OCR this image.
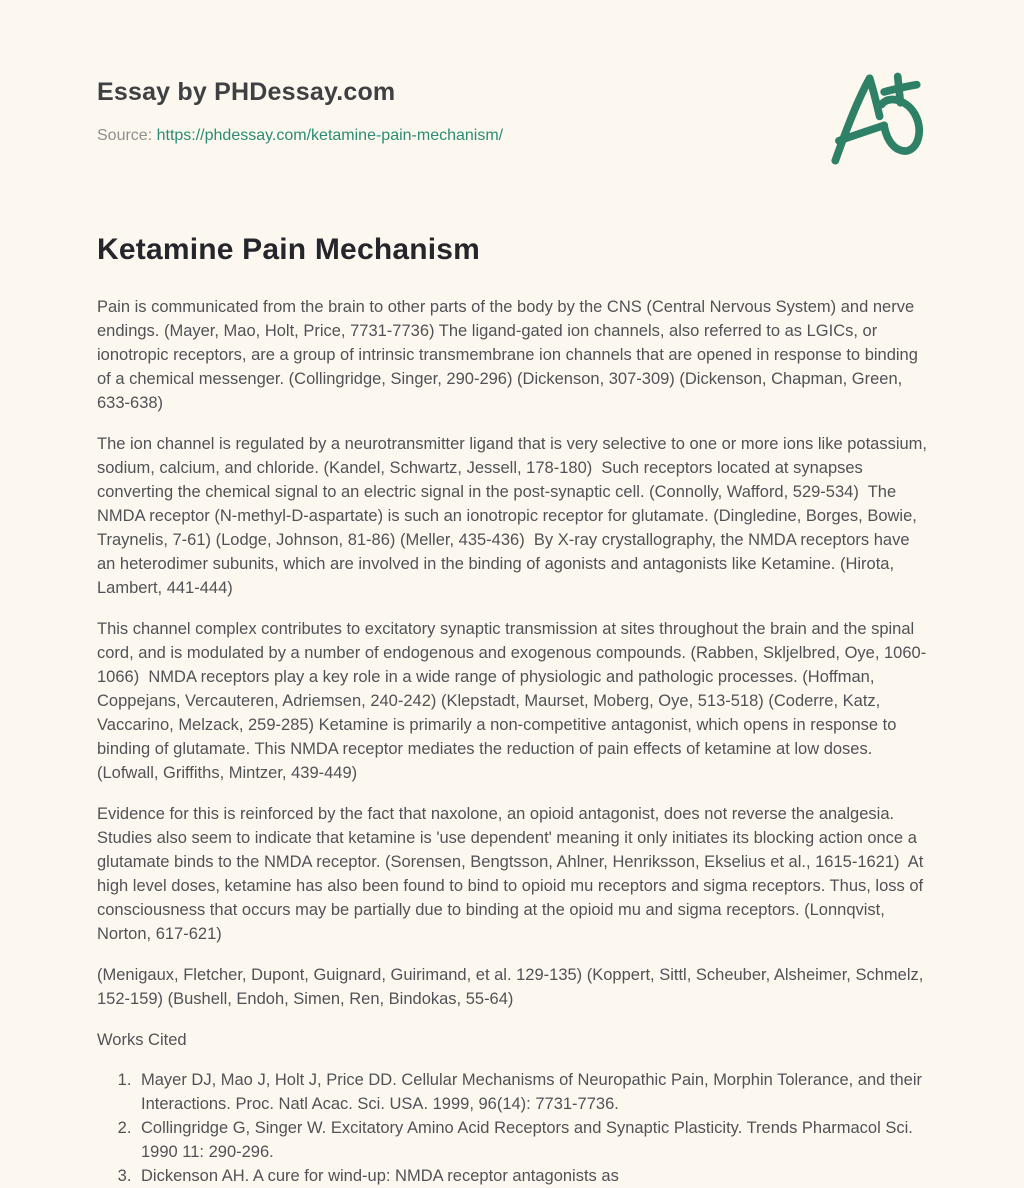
Essay by PHDessay.com
Source: https://phdessay.com/ketamine-pain-mechanism/
Ketamine Pain Mechanism

Pain is communicated from the brain to other parts of the body by the CNS (Central Nervous System) and nerve endings. (Mayer, Mao, Holt, Price, 7731-7736) The ligand-gated ion channels, also referred to as LGICs, or ionotropic receptors, are a group of intrinsic transmembrane ion channels that are opened in response to binding of a chemical messenger. (Collingridge, Singer, 290-296) (Dickenson, 307-309) (Dickenson, Chapman, Green, 633-638)

The ion channel is regulated by a neurotransmitter ligand that is very selective to one or more ions like potassium, sodium, calcium, and chloride. (Kandel, Schwartz, Jessell, 178-180)  Such receptors located at synapses converting the chemical signal to an electric signal in the post-synaptic cell. (Connolly, Wafford, 529-534)  The NMDA receptor (N-methyl-D-aspartate) is such an ionotropic receptor for glutamate. (Dingledine, Borges, Bowie, Traynelis, 7-61) (Lodge, Johnson, 81-86) (Meller, 435-436)  By X-ray crystallography, the NMDA receptors have an heterodimer subunits, which are involved in the binding of agonists and antagonists like Ketamine. (Hirota, Lambert, 441-444)

This channel complex contributes to excitatory synaptic transmission at sites throughout the brain and the spinal cord, and is modulated by a number of endogenous and exogenous compounds. (Rabben, Skljelbred, Oye, 1060-1066)  NMDA receptors play a key role in a wide range of physiologic and pathologic processes. (Hoffman, Coppejans, Vercauteren, Adriemsen, 240-242) (Klepstadt, Maurset, Moberg, Oye, 513-518) (Coderre, Katz, Vaccarino, Melzack, 259-285) Ketamine is primarily a non-competitive antagonist, which opens in response to binding of glutamate. This NMDA receptor mediates the reduction of pain effects of ketamine at low doses. (Lofwall, Griffiths, Mintzer, 439-449)

Evidence for this is reinforced by the fact that naxolone, an opioid antagonist, does not reverse the analgesia. Studies also seem to indicate that ketamine is 'use dependent' meaning it only initiates its blocking action once a glutamate binds to the NMDA receptor. (Sorensen, Bengtsson, Ahlner, Henriksson, Ekselius et al., 1615-1621)  At high level doses, ketamine has also been found to bind to opioid mu receptors and sigma receptors. Thus, loss of consciousness that occurs may be partially due to binding at the opioid mu and sigma receptors. (Lonnqvist, Norton, 617-621)

(Menigaux, Fletcher, Dupont, Guignard, Guirimand, et al. 129-135) (Koppert, Sittl, Scheuber, Alsheimer, Schmelz, 152-159) (Bushell, Endoh, Simen, Ren, Bindokas, 55-64)

Works Cited
1. Mayer DJ, Mao J, Holt J, Price DD. Cellular Mechanisms of Neuropathic Pain, Morphin Tolerance, and their Interactions. Proc. Natl Acac. Sci. USA. 1999, 96(14): 7731-7736.
2. Collingridge G, Singer W. Excitatory Amino Acid Receptors and Synaptic Plasticity. Trends Pharmacol Sci. 1990 11: 290-296.
3. Dickenson AH. A cure for wind-up: NMDA receptor antagonists as
